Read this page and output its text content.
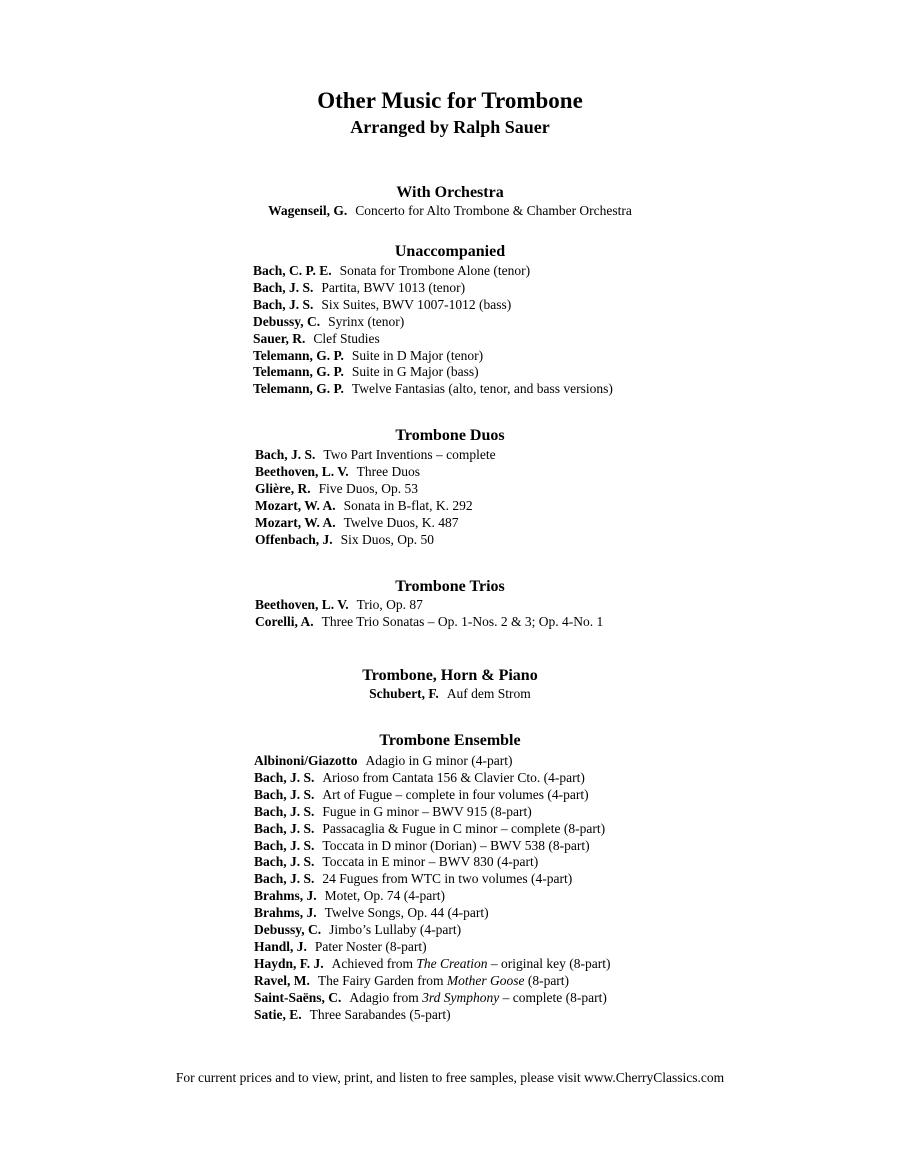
Other Music for Trombone
Arranged by Ralph Sauer
With Orchestra
Wagenseil, G. Concerto for Alto Trombone & Chamber Orchestra
Unaccompanied
Bach, C. P. E. Sonata for Trombone Alone (tenor)
Bach, J. S. Partita, BWV 1013 (tenor)
Bach, J. S. Six Suites, BWV 1007-1012 (bass)
Debussy, C. Syrinx (tenor)
Sauer, R. Clef Studies
Telemann, G. P. Suite in D Major (tenor)
Telemann, G. P. Suite in G Major (bass)
Telemann, G. P. Twelve Fantasias (alto, tenor, and bass versions)
Trombone Duos
Bach, J. S. Two Part Inventions – complete
Beethoven, L. V. Three Duos
Glière, R. Five Duos, Op. 53
Mozart, W. A. Sonata in B-flat, K. 292
Mozart, W. A. Twelve Duos, K. 487
Offenbach, J. Six Duos, Op. 50
Trombone Trios
Beethoven, L. V. Trio, Op. 87
Corelli, A. Three Trio Sonatas – Op. 1-Nos. 2 & 3; Op. 4-No. 1
Trombone, Horn & Piano
Schubert, F. Auf dem Strom
Trombone Ensemble
Albinoni/Giazotto Adagio in G minor (4-part)
Bach, J. S. Arioso from Cantata 156 & Clavier Cto. (4-part)
Bach, J. S. Art of Fugue – complete in four volumes (4-part)
Bach, J. S. Fugue in G minor – BWV 915 (8-part)
Bach, J. S. Passacaglia & Fugue in C minor – complete (8-part)
Bach, J. S. Toccata in D minor (Dorian) – BWV 538 (8-part)
Bach, J. S. Toccata in E minor – BWV 830 (4-part)
Bach, J. S. 24 Fugues from WTC in two volumes (4-part)
Brahms, J. Motet, Op. 74 (4-part)
Brahms, J. Twelve Songs, Op. 44 (4-part)
Debussy, C. Jimbo’s Lullaby (4-part)
Handl, J. Pater Noster (8-part)
Haydn, F. J. Achieved from The Creation – original key (8-part)
Ravel, M. The Fairy Garden from Mother Goose (8-part)
Saint-Saëns, C. Adagio from 3rd Symphony – complete (8-part)
Satie, E. Three Sarabandes (5-part)
For current prices and to view, print, and listen to free samples, please visit www.CherryClassics.com
